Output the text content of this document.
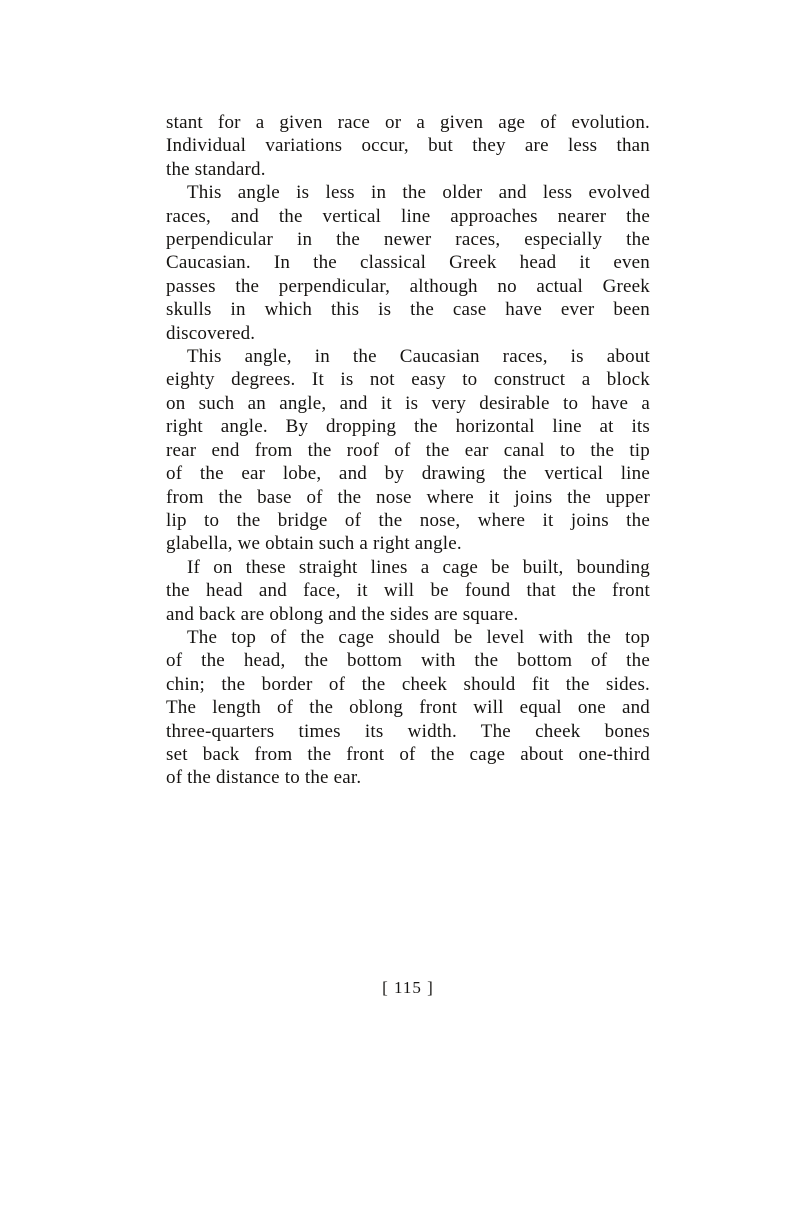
stant for a given race or a given age of evolution.
Individual variations occur, but they are less than
the standard.

This angle is less in the older and less evolved
races, and the vertical line approaches nearer the
perpendicular in the newer races, especially the
Caucasian. In the classical Greek head it even
passes the perpendicular, although no actual Greek
skulls in which this is the case have ever been
discovered.

This angle, in the Caucasian races, is about
eighty degrees. It is not easy to construct a block
on such an angle, and it is very desirable to have a
right angle. By dropping the horizontal line at its
rear end from the roof of the ear canal to the tip
of the ear lobe, and by drawing the vertical line
from the base of the nose where it joins the upper
lip to the bridge of the nose, where it joins the
glabella, we obtain such a right angle.

If on these straight lines a cage be built, bounding
the head and face, it will be found that the front
and back are oblong and the sides are square.

The top of the cage should be level with the top
of the head, the bottom with the bottom of the
chin; the border of the cheek should fit the sides.
The length of the oblong front will equal one and
three-quarters times its width. The cheek bones
set back from the front of the cage about one-third
of the distance to the ear.

[ 115 ]
